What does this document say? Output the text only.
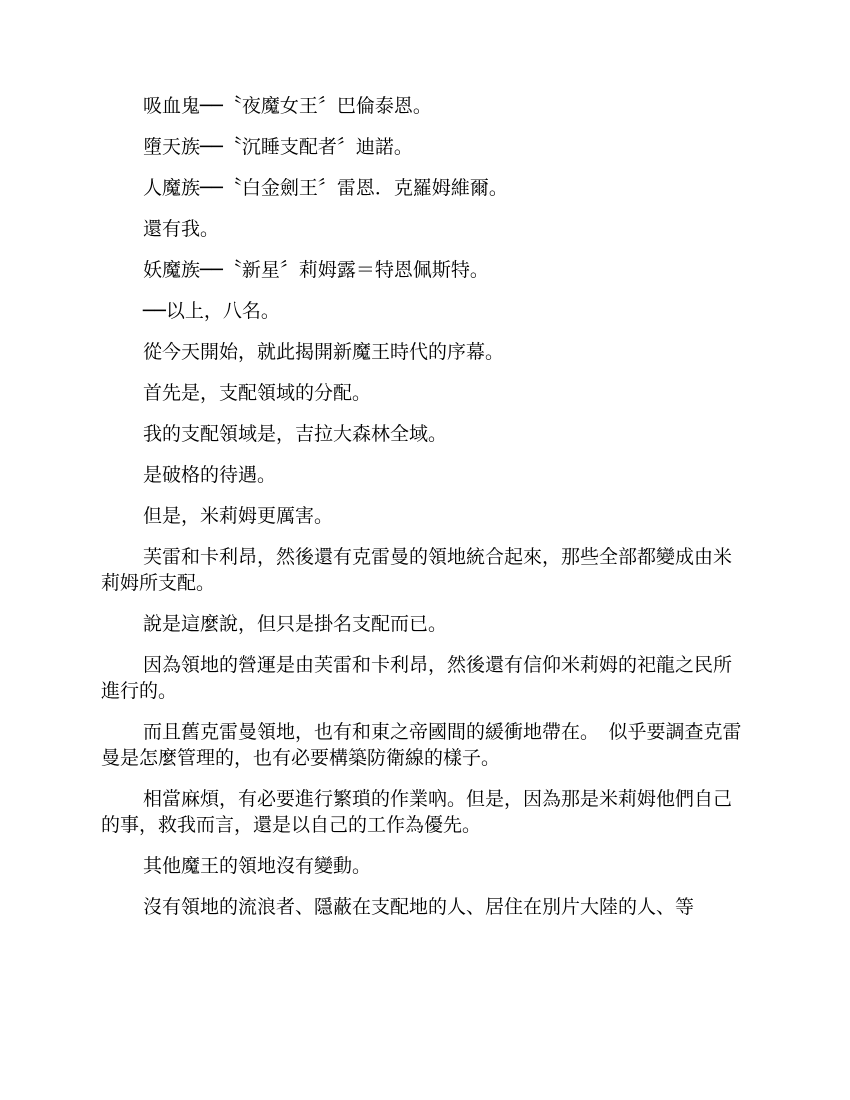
吸血鬼──〝夜魔女王〞巴倫泰恩。

墮天族──〝沉睡支配者〞迪諾。

人魔族──〝白金劍王〞雷恩．克羅姆維爾。

還有我。

妖魔族──〝新星〞莉姆露＝特恩佩斯特。

──以上，八名。

從今天開始，就此揭開新魔王時代的序幕。

首先是，支配領域的分配。

我的支配領域是，吉拉大森林全域。

是破格的待遇。

但是，米莉姆更厲害。

芙雷和卡利昂，然後還有克雷曼的領地統合起來，那些全部都變成由米莉姆所支配。

說是這麼說，但只是掛名支配而已。

因為領地的營運是由芙雷和卡利昂，然後還有信仰米莉姆的祀龍之民所進行的。

而且舊克雷曼領地，也有和東之帝國間的緩衝地帶在。　似乎要調查克雷曼是怎麼管理的，也有必要構築防衛線的樣子。

相當麻煩，有必要進行繁瑣的作業吶。但是，因為那是米莉姆他們自己的事，救我而言，還是以自己的工作為優先。

其他魔王的領地沒有變動。

沒有領地的流浪者、隱蔽在支配地的人、居住在別片大陸的人、等
